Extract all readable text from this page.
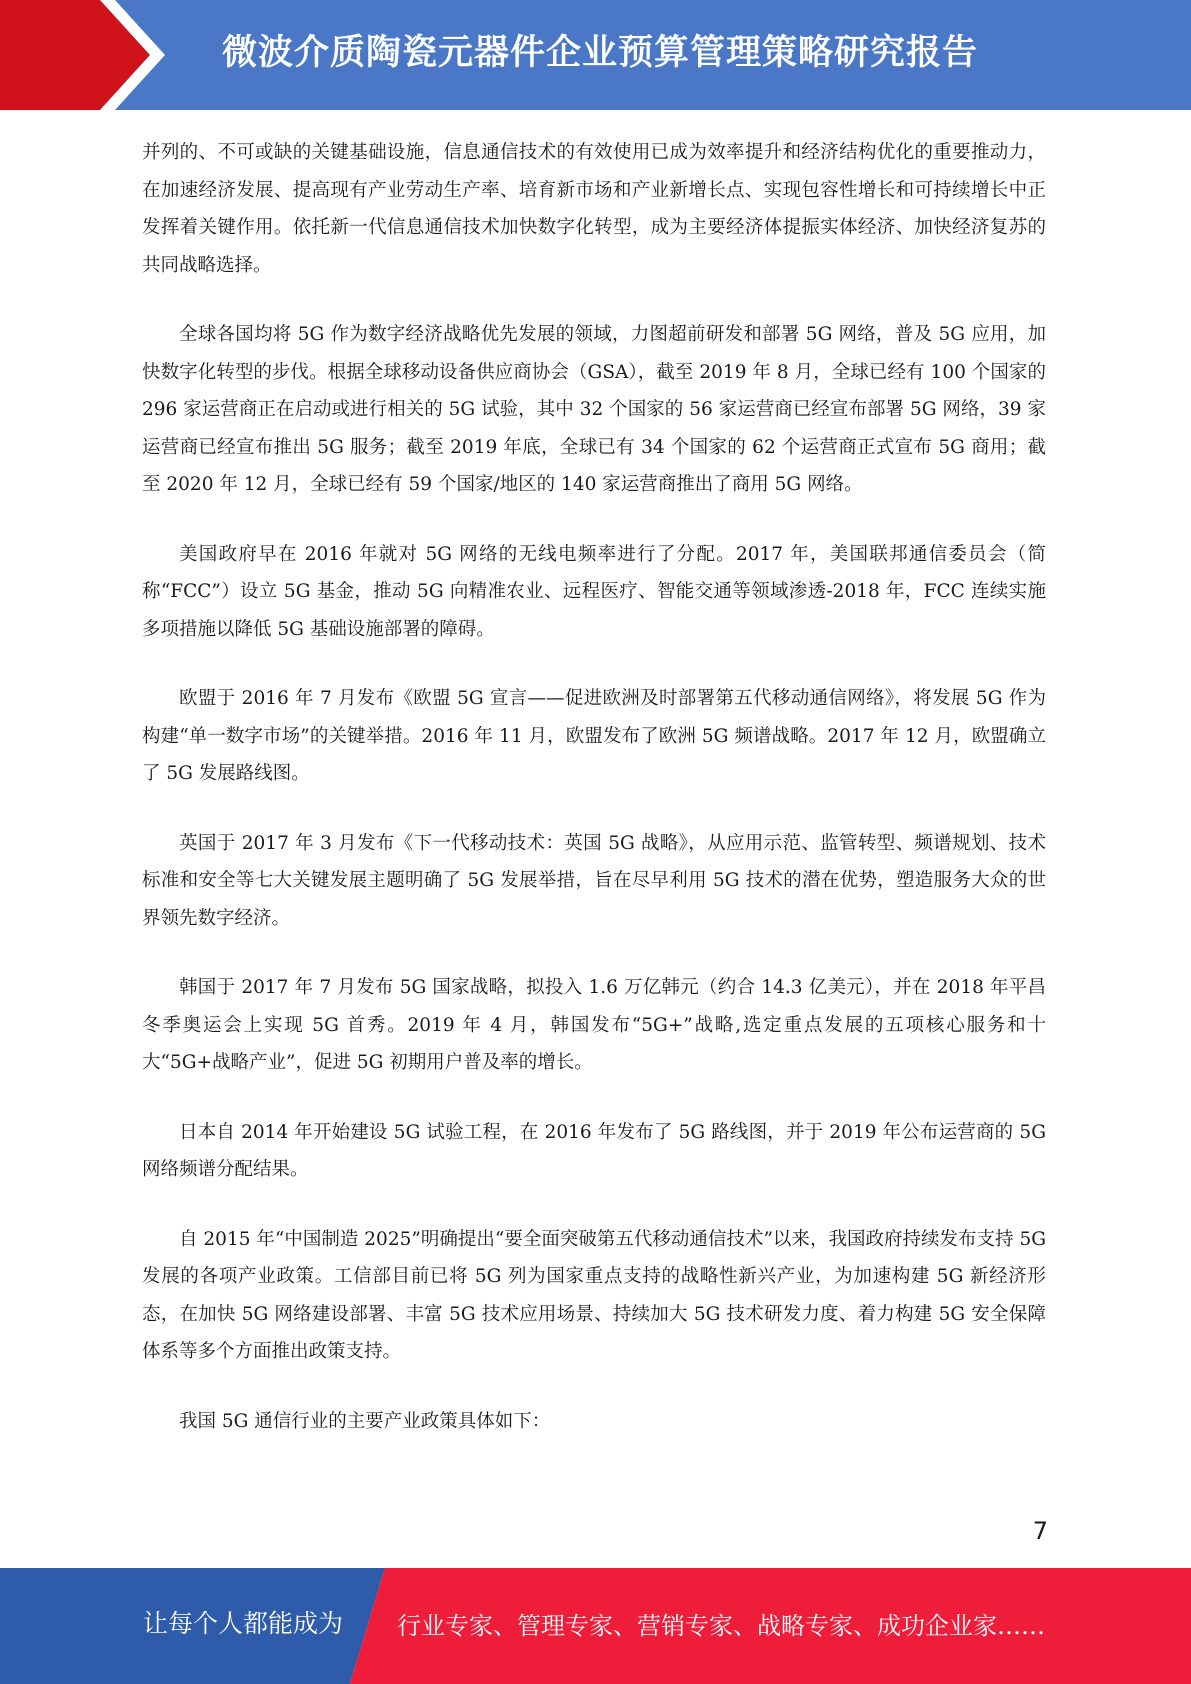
微波介质陶瓷元器件企业预算管理策略研究报告

并列的、不可或缺的关键基础设施，信息通信技术的有效使用已成为效率提升和经济结构优化的重要推动力，在加速经济发展、提高现有产业劳动生产率、培育新市场和产业新增长点、实现包容性增长和可持续增长中正发挥着关键作用。依托新一代信息通信技术加快数字化转型，成为主要经济体提振实体经济、加快经济复苏的共同战略选择。

全球各国均将 5G 作为数字经济战略优先发展的领域，力图超前研发和部署 5G 网络，普及 5G 应用，加快数字化转型的步伐。根据全球移动设备供应商协会（GSA），截至 2019 年 8 月，全球已经有 100 个国家的 296 家运营商正在启动或进行相关的 5G 试验，其中 32 个国家的 56 家运营商已经宣布部署 5G 网络，39 家运营商已经宣布推出 5G 服务；截至 2019 年底，全球已有 34 个国家的 62 个运营商正式宣布 5G 商用；截至 2020 年 12 月，全球已经有 59 个国家/地区的 140 家运营商推出了商用 5G 网络。

美国政府早在 2016 年就对 5G 网络的无线电频率进行了分配。2017 年，美国联邦通信委员会（简称“FCC”）设立 5G 基金，推动 5G 向精准农业、远程医疗、智能交通等领域渗透-2018 年，FCC 连续实施多项措施以降低 5G 基础设施部署的障碍。

欧盟于 2016 年 7 月发布《欧盟 5G 宣言——促进欧洲及时部署第五代移动通信网络》，将发展 5G 作为构建“单一数字市场”的关键举措。2016 年 11 月，欧盟发布了欧洲 5G 频谱战略。2017 年 12 月，欧盟确立了 5G 发展路线图。

英国于 2017 年 3 月发布《下一代移动技术：英国 5G 战略》，从应用示范、监管转型、频谱规划、技术标准和安全等七大关键发展主题明确了 5G 发展举措，旨在尽早利用 5G 技术的潜在优势，塑造服务大众的世界领先数字经济。

韩国于 2017 年 7 月发布 5G 国家战略，拟投入 1.6 万亿韩元（约合 14.3 亿美元），并在 2018 年平昌冬季奥运会上实现 5G 首秀。2019 年 4 月，韩国发布“5G+”战略,选定重点发展的五项核心服务和十大“5G+战略产业”，促进 5G 初期用户普及率的增长。

日本自 2014 年开始建设 5G 试验工程，在 2016 年发布了 5G 路线图，并于 2019 年公布运营商的 5G 网络频谱分配结果。

自 2015 年“中国制造 2025”明确提出“要全面突破第五代移动通信技术”以来，我国政府持续发布支持 5G 发展的各项产业政策。工信部目前已将 5G 列为国家重点支持的战略性新兴产业，为加速构建 5G 新经济形态，在加快 5G 网络建设部署、丰富 5G 技术应用场景、持续加大 5G 技术研发力度、着力构建 5G 安全保障体系等多个方面推出政策支持。

我国 5G 通信行业的主要产业政策具体如下：

7
让每个人都能成为 行业专家、管理专家、营销专家、战略专家、成功企业家……
